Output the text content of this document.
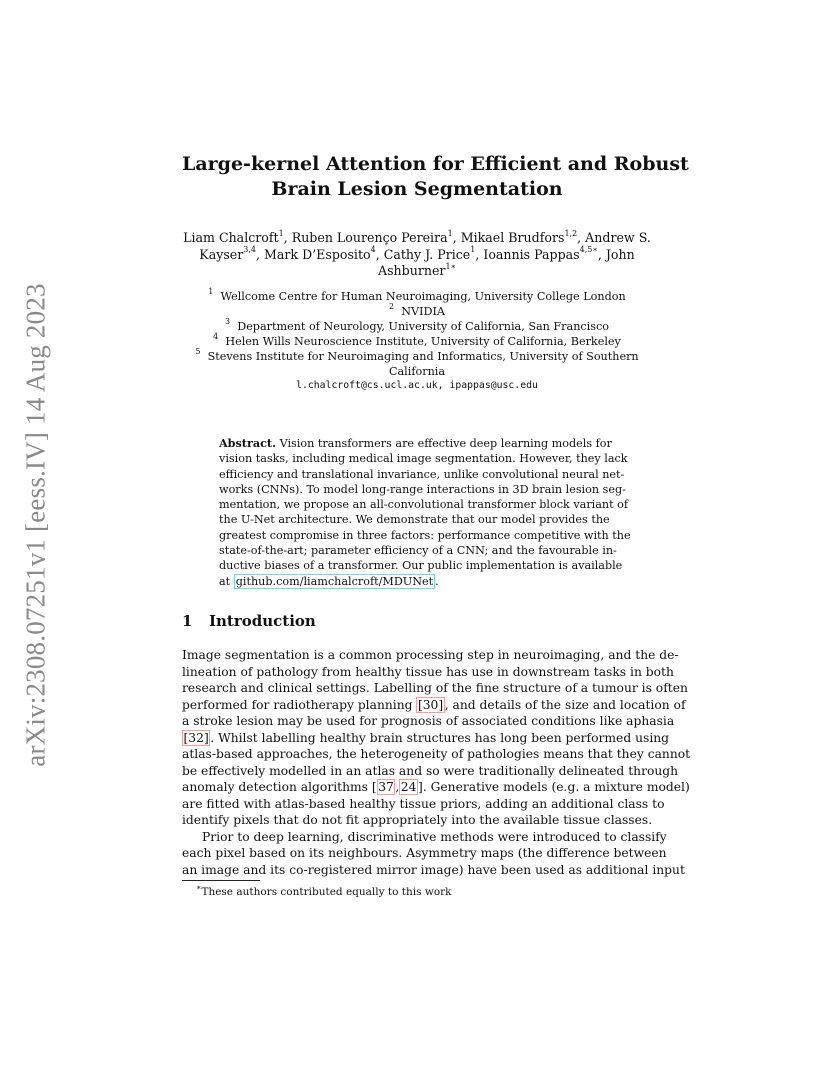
arXiv:2308.07251v1 [eess.IV] 14 Aug 2023
Large-kernel Attention for Efficient and Robust
Brain Lesion Segmentation
Liam Chalcroft$^1$, Ruben Lourenço Pereira$^1$, Mikael Brudfors$^{1,2}$, Andrew S.
Kayser$^{3,4}$, Mark D’Esposito$^4$, Cathy J. Price$^1$, Ioannis Pappas$^{4,5∗}$, John
Ashburner$^{1∗}$
$^1$ Wellcome Centre for Human Neuroimaging, University College London
$^2$ NVIDIA
$^3$ Department of Neurology, University of California, San Francisco
$^4$ Helen Wills Neuroscience Institute, University of California, Berkeley
$^5$ Stevens Institute for Neuroimaging and Informatics, University of Southern
California
l.chalcroft@cs.ucl.ac.uk, ipappas@usc.edu
Abstract. Vision transformers are effective deep learning models for
vision tasks, including medical image segmentation. However, they lack
efficiency and translational invariance, unlike convolutional neural net-
works (CNNs). To model long-range interactions in 3D brain lesion seg-
mentation, we propose an all-convolutional transformer block variant of
the U-Net architecture. We demonstrate that our model provides the
greatest compromise in three factors: performance competitive with the
state-of-the-art; parameter efficiency of a CNN; and the favourable in-
ductive biases of a transformer. Our public implementation is available
at github.com/liamchalcroft/MDUNet .
1 Introduction
Image segmentation is a common processing step in neuroimaging, and the de-
lineation of pathology from healthy tissue has use in downstream tasks in both
research and clinical settings. Labelling of the fine structure of a tumour is often
performed for radiotherapy planning [30] , and details of the size and location of
a stroke lesion may be used for prognosis of associated conditions like aphasia
[32] . Whilst labelling healthy brain structures has long been performed using
atlas-based approaches, the heterogeneity of pathologies means that they cannot
be effectively modelled in an atlas and so were traditionally delineated through
anomaly detection algorithms [ 37 , 24 ]. Generative models (e.g. a mixture model)
are fitted with atlas-based healthy tissue priors, adding an additional class to
identify pixels that do not fit appropriately into the available tissue classes.
Prior to deep learning, discriminative methods were introduced to classify
each pixel based on its neighbours. Asymmetry maps (the difference between
an image and its co-registered mirror image) have been used as additional input
∗These authors contributed equally to this work
